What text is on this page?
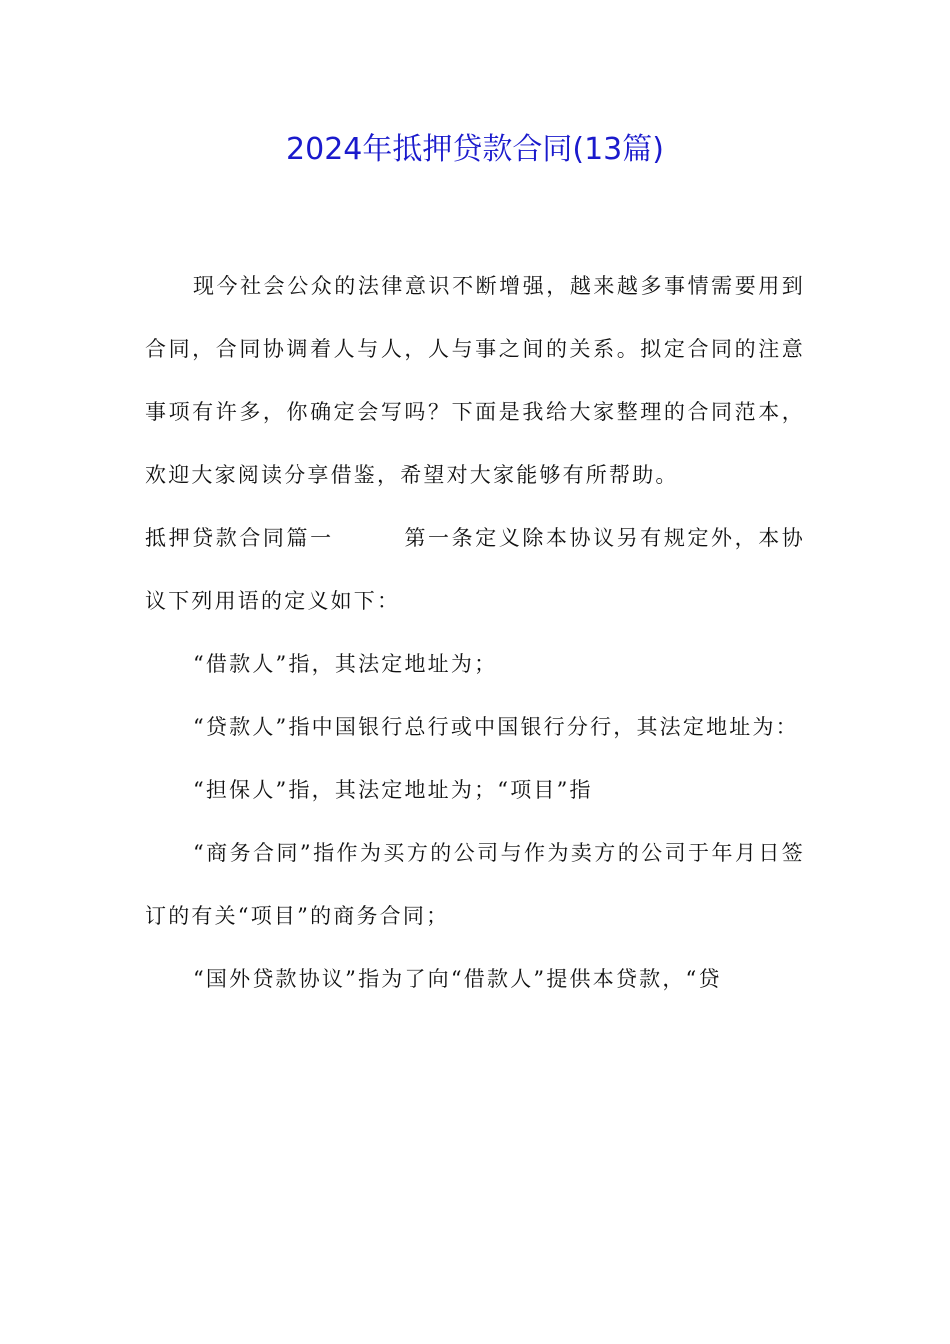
2024年抵押贷款合同(13篇)

现今社会公众的法律意识不断增强，越来越多事情需要用到合同，合同协调着人与人，人与事之间的关系。拟定合同的注意事项有许多，你确定会写吗？下面是我给大家整理的合同范本，欢迎大家阅读分享借鉴，希望对大家能够有所帮助。

抵押贷款合同篇一　　　	第一条定义除本协议另有规定外，本协议下列用语的定义如下：

“借款人”指，其法定地址为；

“贷款人”指中国银行总行或中国银行分行，其法定地址为：

“担保人”指，其法定地址为；“项目”指

“商务合同”指作为买方的公司与作为卖方的公司于年月日签订的有关“项目”的商务合同；

“国外贷款协议”指为了向“借款人”提供本贷款，“贷
